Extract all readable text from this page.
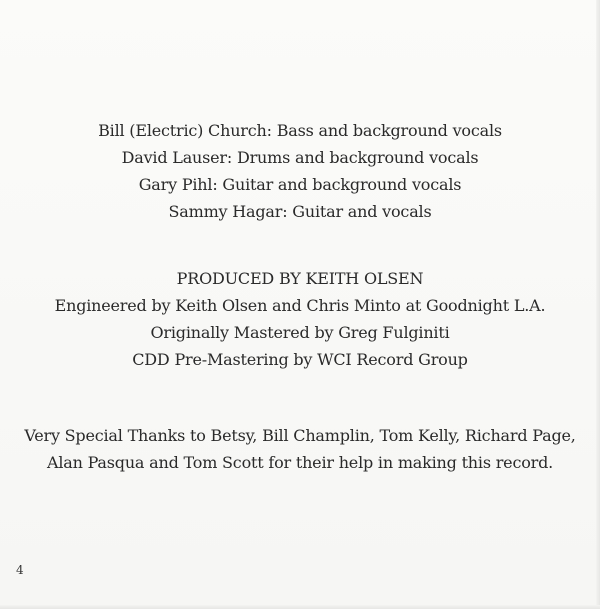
Bill (Electric) Church: Bass and background vocals
David Lauser: Drums and background vocals
Gary Pihl: Guitar and background vocals
Sammy Hagar: Guitar and vocals
PRODUCED BY KEITH OLSEN
Engineered by Keith Olsen and Chris Minto at Goodnight L.A.
Originally Mastered by Greg Fulginiti
CDD Pre-Mastering by WCI Record Group
Very Special Thanks to Betsy, Bill Champlin, Tom Kelly, Richard Page,
Alan Pasqua and Tom Scott for their help in making this record.
4
